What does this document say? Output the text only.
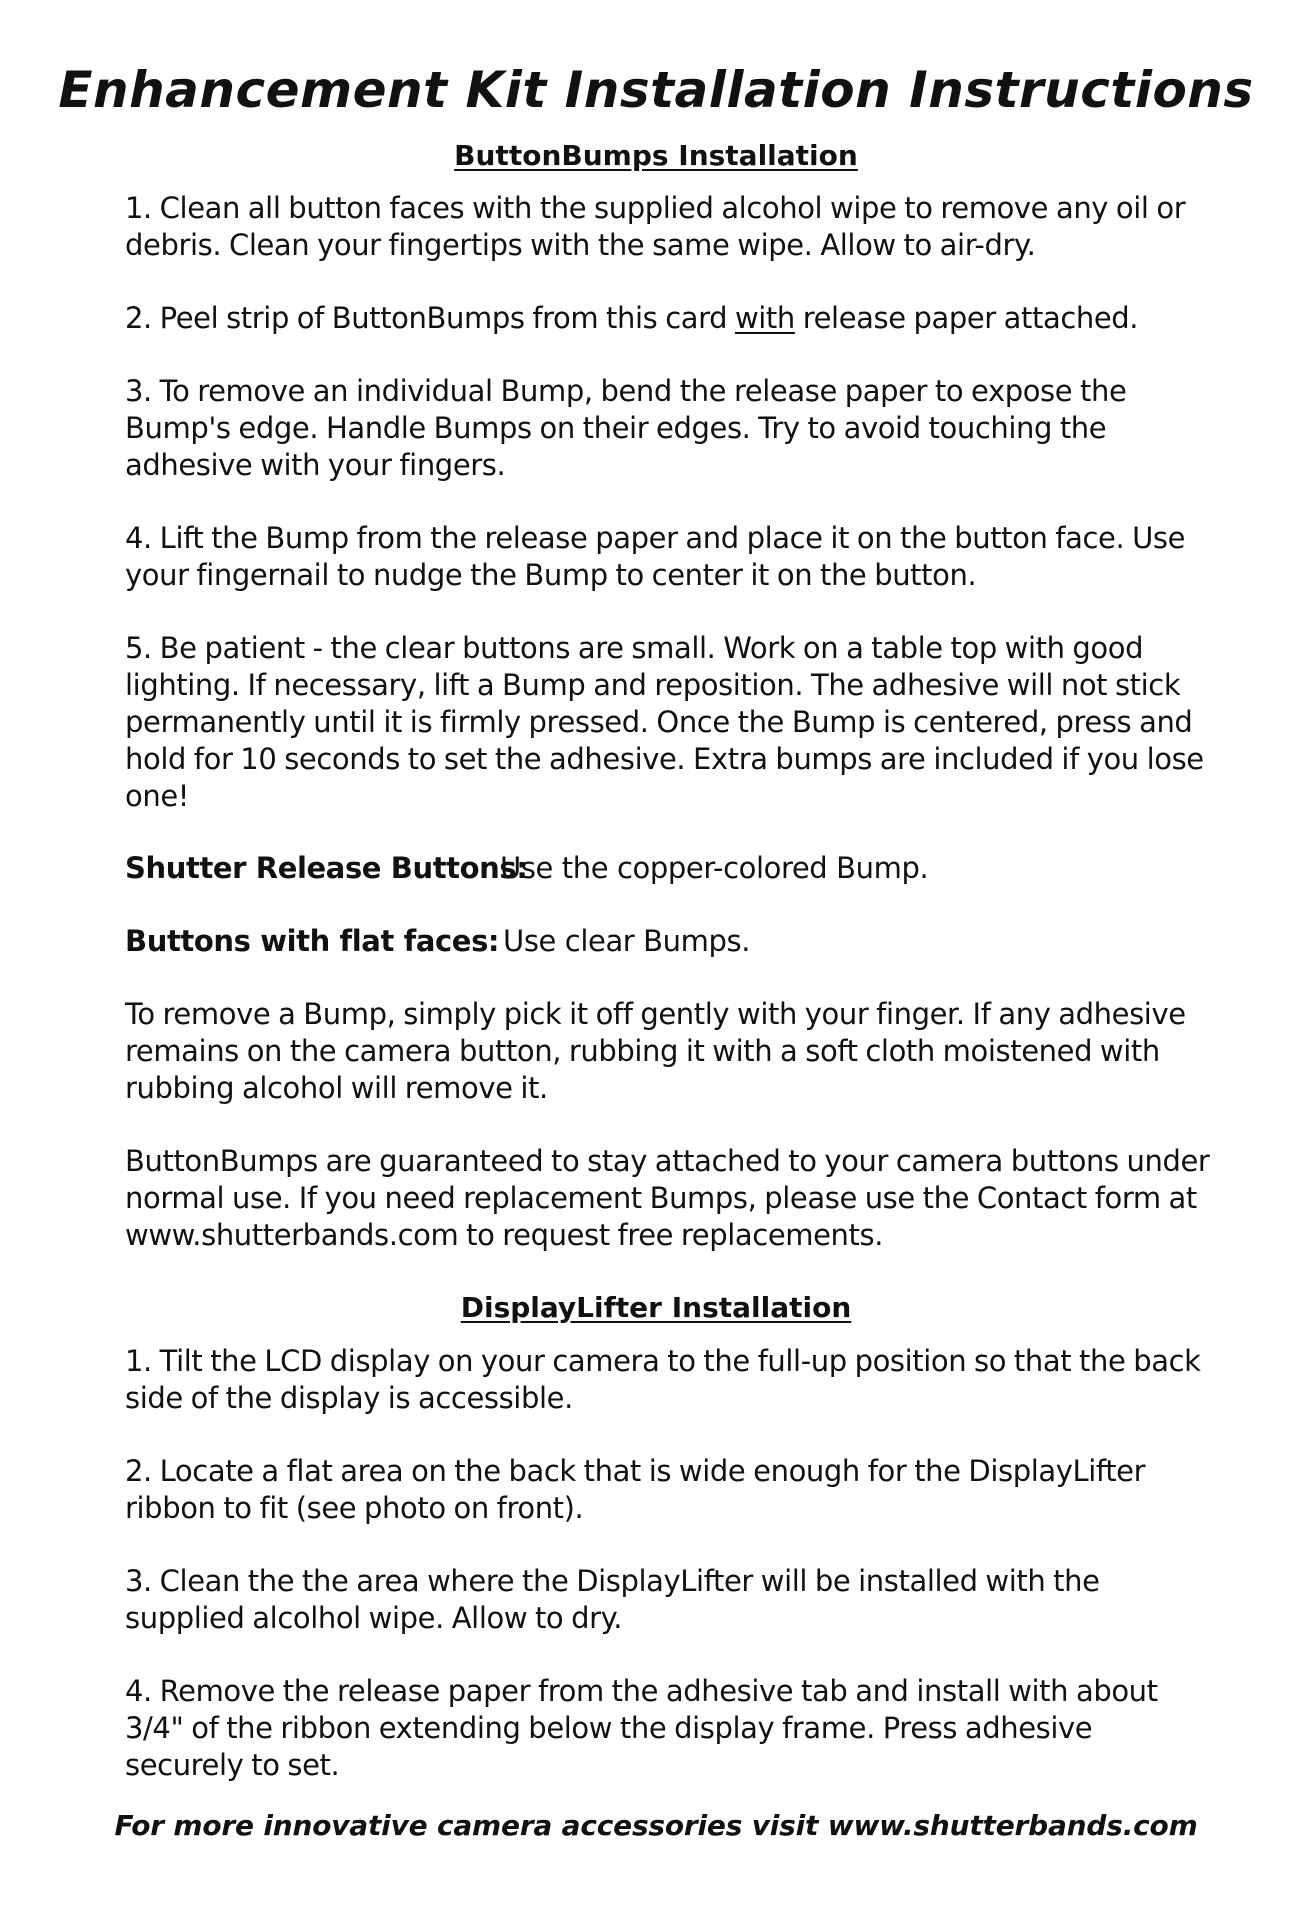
Enhancement Kit Installation Instructions
ButtonBumps Installation
1. Clean all button faces with the supplied alcohol wipe to remove any oil or debris. Clean your fingertips with the same wipe. Allow to air-dry.
2. Peel strip of ButtonBumps from this card with release paper attached.
3. To remove an individual Bump, bend the release paper to expose the Bump's edge. Handle Bumps on their edges. Try to avoid touching the adhesive with your fingers.
4. Lift the Bump from the release paper and place it on the button face. Use your fingernail to nudge the Bump to center it on the button.
5. Be patient - the clear buttons are small. Work on a table top with good lighting. If necessary, lift a Bump and reposition. The adhesive will not stick permanently until it is firmly pressed. Once the Bump is centered, press and hold for 10 seconds to set the adhesive. Extra bumps are included if you lose one!
Shutter Release Buttons:
Use the copper-colored Bump.
Buttons with flat faces: Use clear Bumps.
To remove a Bump, simply pick it off gently with your finger. If any adhesive remains on the camera button, rubbing it with a soft cloth moistened with rubbing alcohol will remove it.
ButtonBumps are guaranteed to stay attached to your camera buttons under normal use. If you need replacement Bumps, please use the Contact form at www.shutterbands.com to request free replacements.
DisplayLifter Installation
1. Tilt the LCD display on your camera to the full-up position so that the back side of the display is accessible.
2. Locate a flat area on the back that is wide enough for the DisplayLifter ribbon to fit (see photo on front).
3. Clean the the area where the DisplayLifter will be installed with the supplied alcolhol wipe. Allow to dry.
4. Remove the release paper from the adhesive tab and install with about 3/4" of the ribbon extending below the display frame. Press adhesive securely to set.
For more innovative camera accessories visit www.shutterbands.com
